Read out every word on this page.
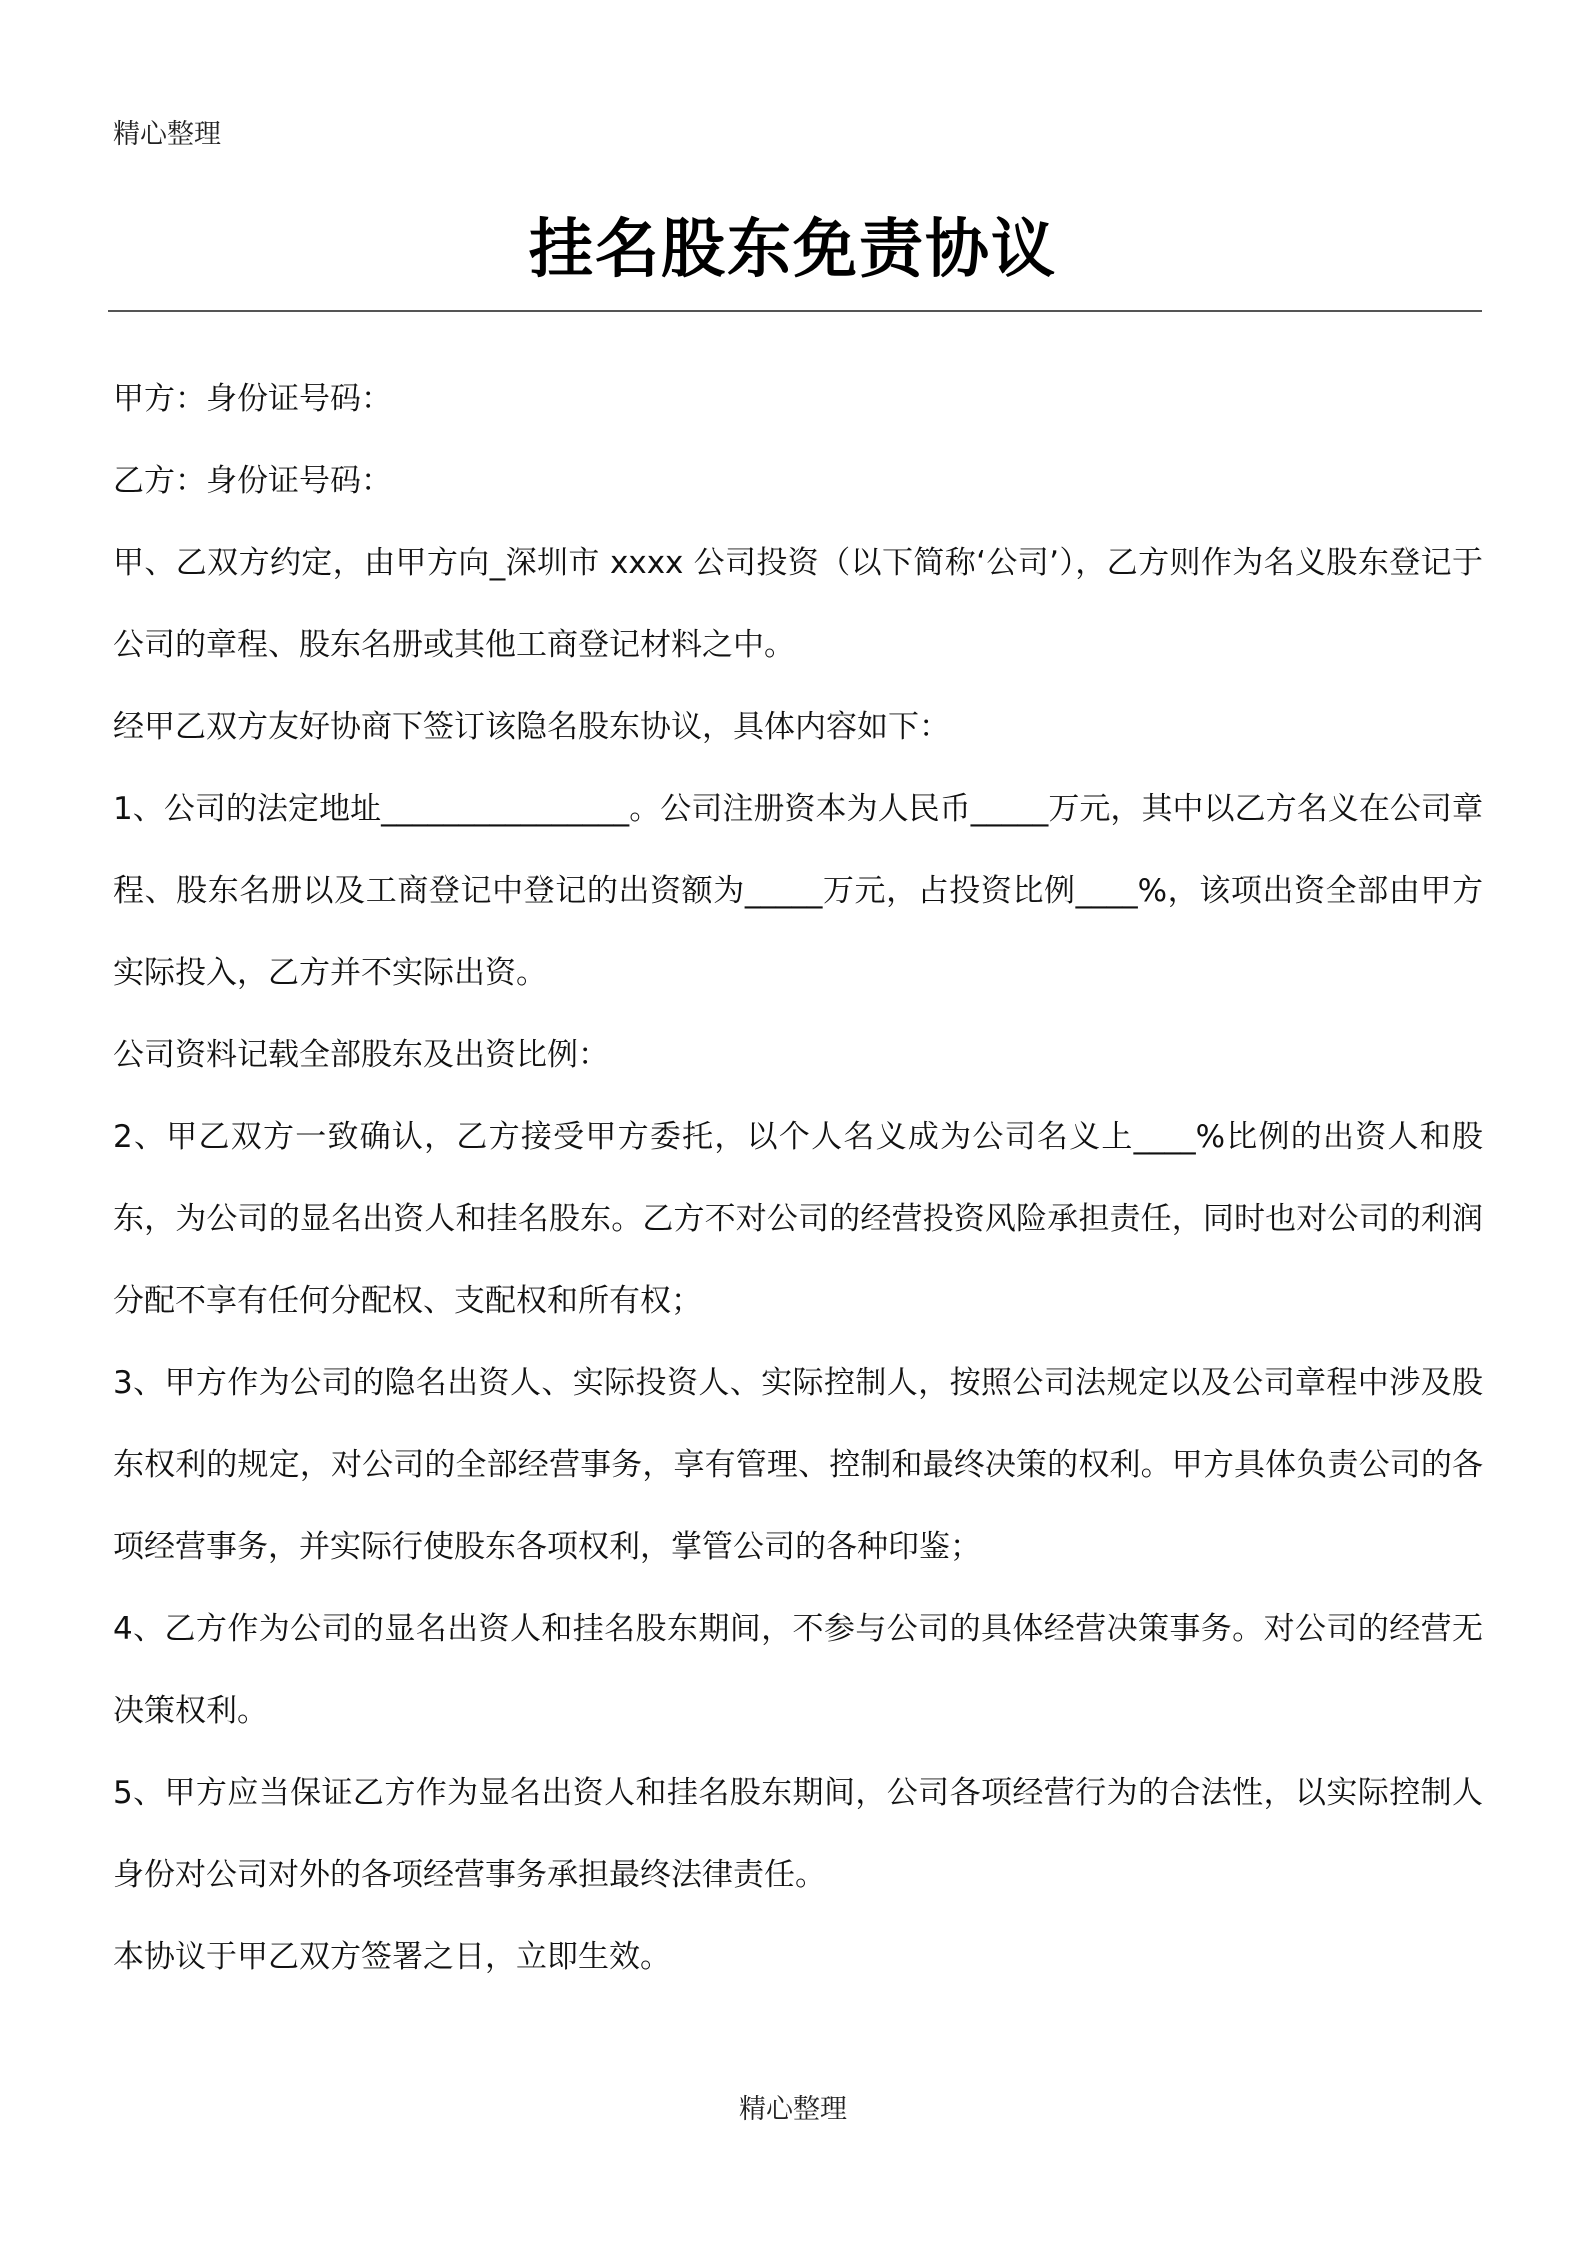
精心整理
挂名股东免责协议

甲方：身份证号码：

乙方：身份证号码：

甲、乙双方约定，由甲方向_深圳市 xxxx 公司投资（以下简称‘公司’），乙方则作为名义股东登记于公司的章程、股东名册或其他工商登记材料之中。

经甲乙双方友好协商下签订该隐名股东协议，具体内容如下：

1、公司的法定地址________________。公司注册资本为人民币_____万元，其中以乙方名义在公司章程、股东名册以及工商登记中登记的出资额为_____万元，占投资比例____%，该项出资全部由甲方实际投入，乙方并不实际出资。

公司资料记载全部股东及出资比例：

2、甲乙双方一致确认，乙方接受甲方委托，以个人名义成为公司名义上____%比例的出资人和股东，为公司的显名出资人和挂名股东。乙方不对公司的经营投资风险承担责任，同时也对公司的利润分配不享有任何分配权、支配权和所有权；

3、甲方作为公司的隐名出资人、实际投资人、实际控制人，按照公司法规定以及公司章程中涉及股东权利的规定，对公司的全部经营事务，享有管理、控制和最终决策的权利。甲方具体负责公司的各项经营事务，并实际行使股东各项权利，掌管公司的各种印鉴；

4、乙方作为公司的显名出资人和挂名股东期间，不参与公司的具体经营决策事务。对公司的经营无决策权利。

5、甲方应当保证乙方作为显名出资人和挂名股东期间，公司各项经营行为的合法性，以实际控制人身份对公司对外的各项经营事务承担最终法律责任。

本协议于甲乙双方签署之日，立即生效。

精心整理
